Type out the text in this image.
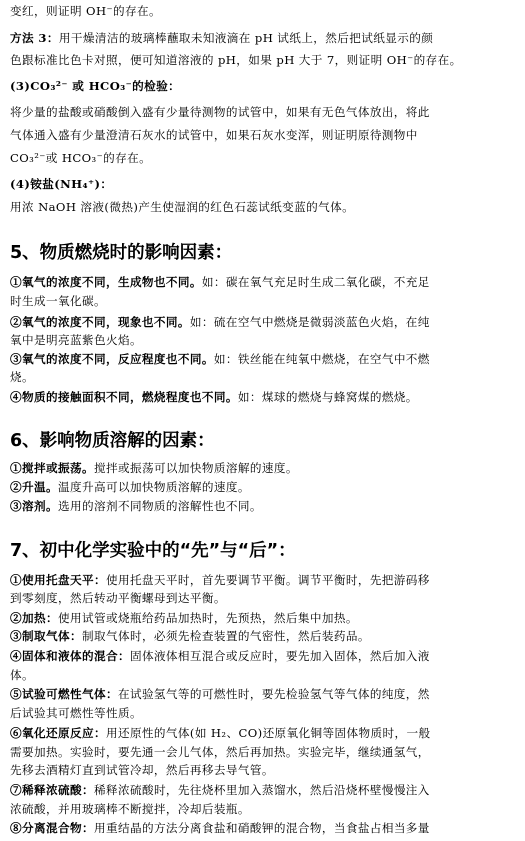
变红，则证明 OH⁻的存在。
方法 3：用干燥清洁的玻璃棒蘸取未知液滴在 pH 试纸上，然后把试纸显示的颜
色跟标准比色卡对照，便可知道溶液的 pH，如果 pH 大于 7，则证明 OH⁻的存在。
(3)CO₃²⁻ 或 HCO₃⁻的检验：
将少量的盐酸或硝酸倒入盛有少量待测物的试管中，如果有无色气体放出，将此
气体通入盛有少量澄清石灰水的试管中，如果石灰水变浑，则证明原待测物中
CO₃²⁻或 HCO₃⁻的存在。
(4)铵盐(NH₄⁺)：
用浓 NaOH 溶液(微热)产生使湿润的红色石蕊试纸变蓝的气体。
5、物质燃烧时的影响因素：
①氧气的浓度不同，生成物也不同。如：碳在氧气充足时生成二氧化碳，不充足
时生成一氧化碳。
②氧气的浓度不同，现象也不同。如：硫在空气中燃烧是微弱淡蓝色火焰，在纯
氧中是明亮蓝紫色火焰。
③氧气的浓度不同，反应程度也不同。如：铁丝能在纯氧中燃烧，在空气中不燃
烧。
④物质的接触面积不同，燃烧程度也不同。如：煤球的燃烧与蜂窝煤的燃烧。
6、影响物质溶解的因素：
①搅拌或振荡。搅拌或振荡可以加快物质溶解的速度。
②升温。温度升高可以加快物质溶解的速度。
③溶剂。选用的溶剂不同物质的溶解性也不同。
7、初中化学实验中的“先”与“后”：
①使用托盘天平：使用托盘天平时，首先要调节平衡。调节平衡时，先把游码移
到零刻度，然后转动平衡螺母到达平衡。
②加热：使用试管或烧瓶给药品加热时，先预热，然后集中加热。
③制取气体：制取气体时，必须先检查装置的气密性，然后装药品。
④固体和液体的混合：固体液体相互混合或反应时，要先加入固体，然后加入液
体。
⑤试验可燃性气体：在试验氢气等的可燃性时，要先检验氢气等气体的纯度，然
后试验其可燃性等性质。
⑥氧化还原反应：用还原性的气体(如 H₂、CO)还原氧化铜等固体物质时，一般
需要加热。实验时，要先通一会儿气体，然后再加热。实验完毕，继续通氢气，
先移去酒精灯直到试管冷却，然后再移去导气管。
⑦稀释浓硫酸：稀释浓硫酸时，先往烧杯里加入蒸馏水，然后沿烧杯壁慢慢注入
浓硫酸，并用玻璃棒不断搅拌，冷却后装瓶。
⑧分离混合物：用重结晶的方法分离食盐和硝酸钾的混合物，当食盐占相当多量
